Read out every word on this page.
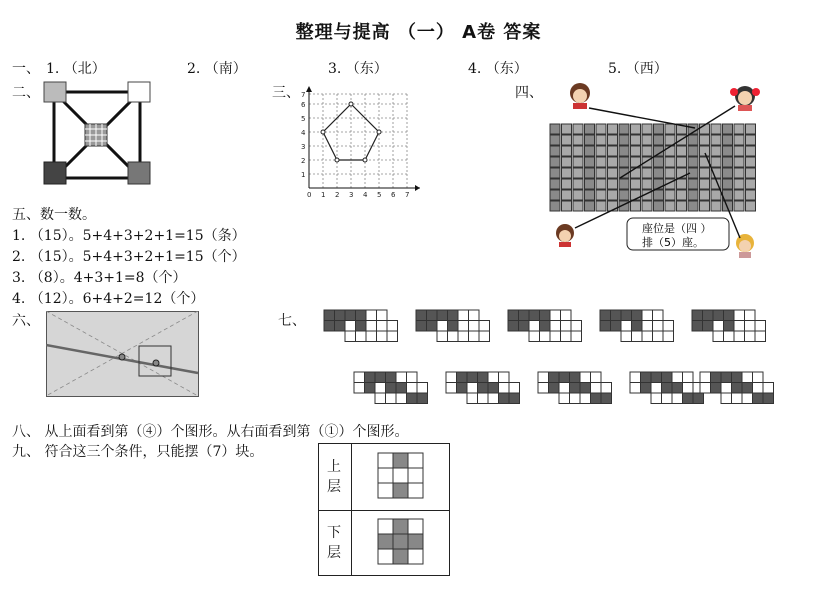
整理与提高 （一） A卷 答案
一、 1. （北）	2. （南）	3. （东）	4. （东）	5. （西）
二、	三、 7
6
5
4
3
2
1
0 1 2 3 4 5 6 7
四、
座位是（四 ）
排（5）座。
五、数一数。
1. （15）。5+4+3+2+1=15（条）
2. （15）。5+4+3+2+1=15（个）
3. （8）。4+3+1=8（个）
4. （12）。6+4+2=12（个）
六、	七、
八、 从上面看到第（④）个图形。从右面看到第（①）个图形。
九、 符合这三个条件，只能摆（7）块。
上
层
下
层
